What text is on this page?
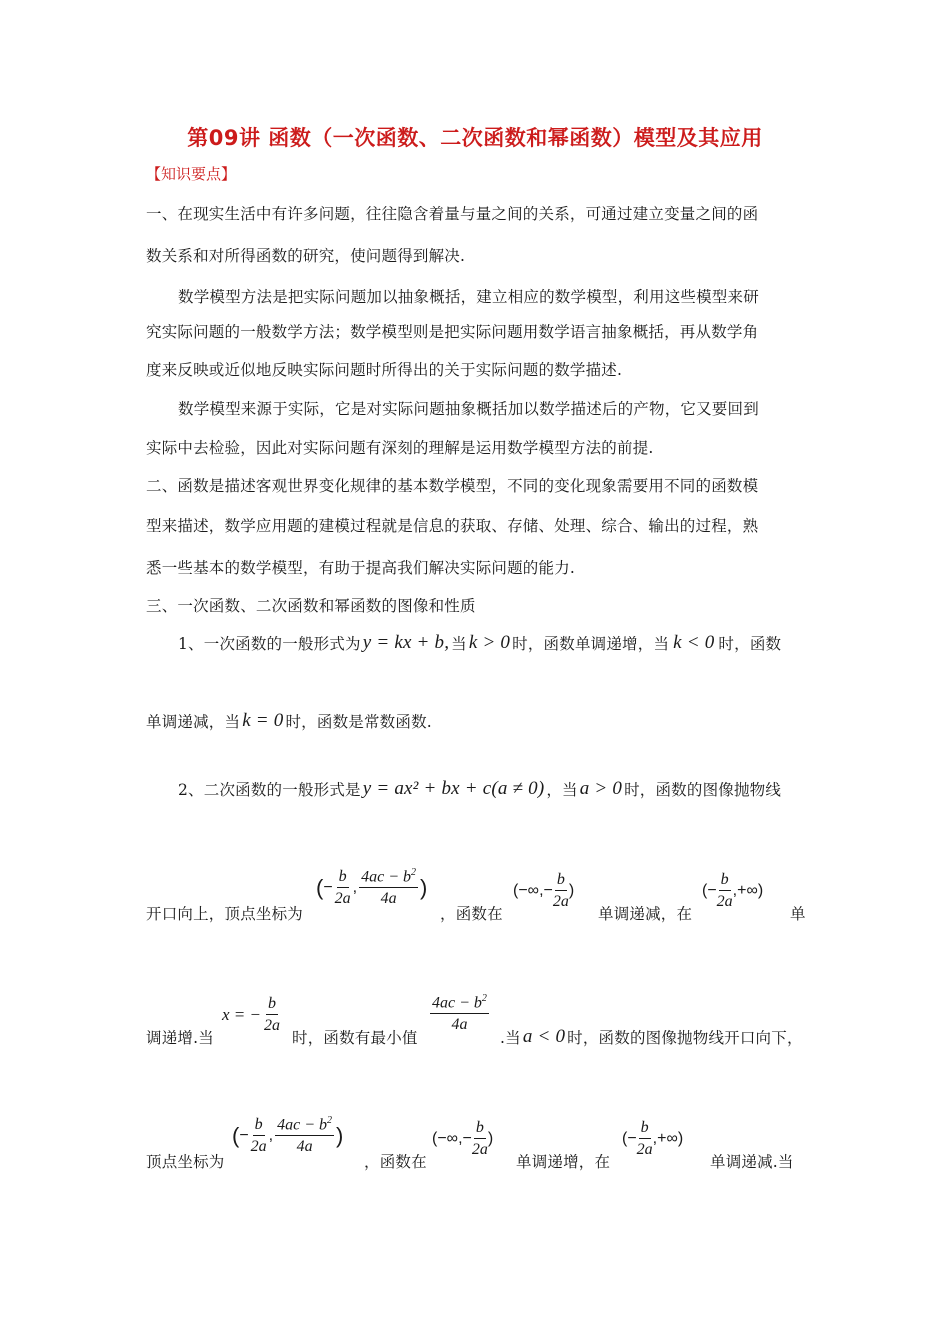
第09讲 函数（一次函数、二次函数和幂函数）模型及其应用
【知识要点】
一、在现实生活中有许多问题，往往隐含着量与量之间的关系，可通过建立变量之间的函
数关系和对所得函数的研究，使问题得到解决.
数学模型方法是把实际问题加以抽象概括，建立相应的数学模型，利用这些模型来研
究实际问题的一般数学方法；数学模型则是把实际问题用数学语言抽象概括，再从数学角
度来反映或近似地反映实际问题时所得出的关于实际问题的数学描述.
数学模型来源于实际，它是对实际问题抽象概括加以数学描述后的产物，它又要回到
实际中去检验，因此对实际问题有深刻的理解是运用数学模型方法的前提.
二、函数是描述客观世界变化规律的基本数学模型，不同的变化现象需要用不同的函数模
型来描述，数学应用题的建模过程就是信息的获取、存储、处理、综合、输出的过程，熟
悉一些基本的数学模型，有助于提高我们解决实际问题的能力.
三、一次函数、二次函数和幂函数的图像和性质
1、一次函数的一般形式为 y = kx + b, 当 k > 0 时，函数单调递增，当 k < 0 时，函数
单调递减，当 k = 0 时，函数是常数函数.
2、二次函数的一般形式是 y = ax² + bx + c(a ≠ 0) ，当 a > 0 时，函数的图像抛物线
开口向上，顶点坐标为	，函数在	单调递减，在	单
( − $\frac{b}{2a}$ , $\frac{4ac - b^2}{4a}$ )	(−∞, − $\frac{b}{2a}$ )	( − $\frac{b}{2a}$ ,+∞)
调递增.当
x = − $\frac{b}{2a}$
时，函数有最小值
$\frac{4ac - b^2}{4a}$
.当 a < 0 时，函数的图像抛物线开口向下，
顶点坐标为
( − $\frac{b}{2a}$ , $\frac{4ac - b^2}{4a}$ )
，函数在
(−∞, − $\frac{b}{2a}$ )
单调递增，在
( − $\frac{b}{2a}$ ,+∞)
单调递减.当
